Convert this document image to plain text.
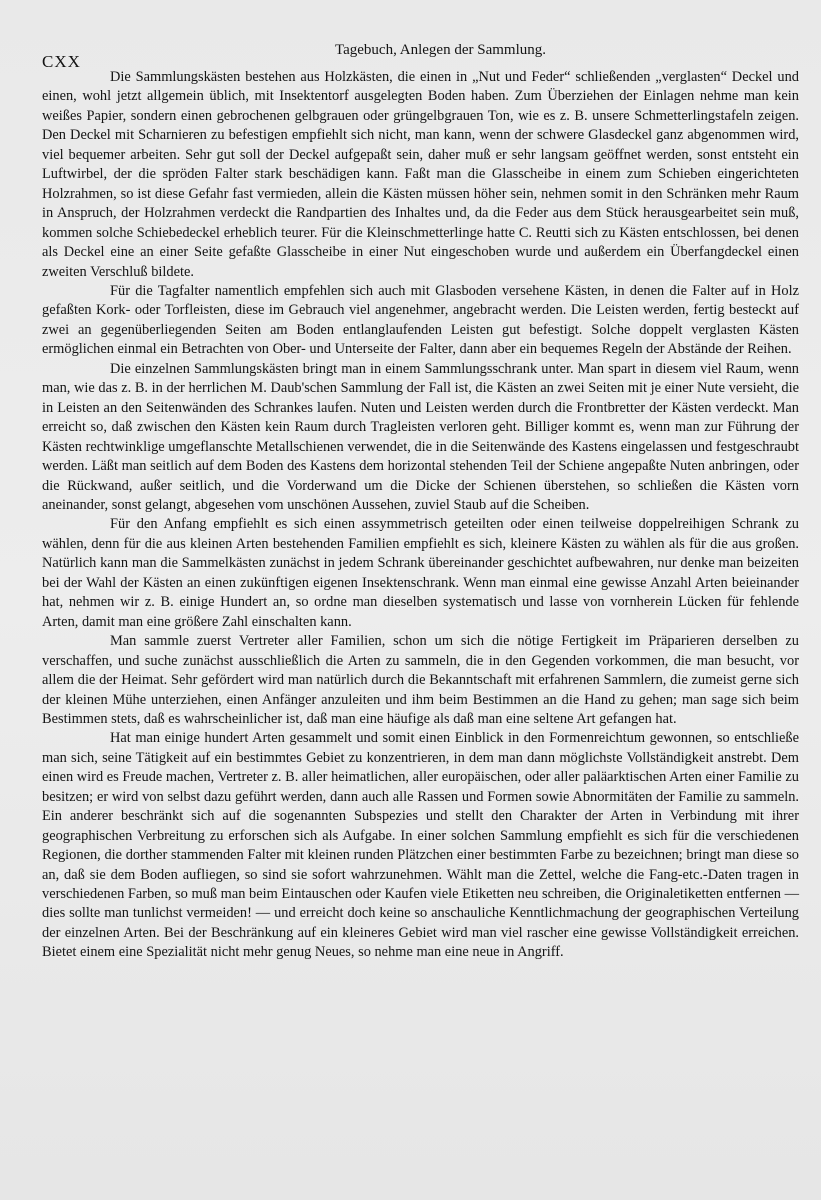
CXX
Tagebuch, Anlegen der Sammlung.

Die Sammlungskästen bestehen aus Holzkästen, die einen in „Nut und Feder“ schließenden „verglasten“ Deckel und einen, wohl jetzt allgemein üblich, mit Insektentorf ausgelegten Boden haben. Zum Überziehen der Einlagen nehme man kein weißes Papier, sondern einen gebrochenen gelbgrauen oder grüngelbgrauen Ton, wie es z. B. unsere Schmetterlingstafeln zeigen. Den Deckel mit Scharnieren zu befestigen empfiehlt sich nicht, man kann, wenn der schwere Glasdeckel ganz abgenommen wird, viel bequemer arbeiten. Sehr gut soll der Deckel aufgepaßt sein, daher muß er sehr langsam geöffnet werden, sonst entsteht ein Luftwirbel, der die spröden Falter stark beschädigen kann. Faßt man die Glasscheibe in einem zum Schieben eingerichteten Holzrahmen, so ist diese Gefahr fast vermieden, allein die Kästen müssen höher sein, nehmen somit in den Schränken mehr Raum in Anspruch, der Holzrahmen verdeckt die Randpartien des Inhaltes und, da die Feder aus dem Stück herausgearbeitet sein muß, kommen solche Schiebedeckel erheblich teurer. Für die Kleinschmetterlinge hatte C. Reutti sich zu Kästen entschlossen, bei denen als Deckel eine an einer Seite gefaßte Glasscheibe in einer Nut eingeschoben wurde und außerdem ein Überfangdeckel einen zweiten Verschluß bildete.

Für die Tagfalter namentlich empfehlen sich auch mit Glasboden versehene Kästen, in denen die Falter auf in Holz gefaßten Kork- oder Torfleisten, diese im Gebrauch viel angenehmer, angebracht werden. Die Leisten werden, fertig besteckt auf zwei an gegenüberliegenden Seiten am Boden entlanglaufenden Leisten gut befestigt. Solche doppelt verglasten Kästen ermöglichen einmal ein Betrachten von Ober- und Unterseite der Falter, dann aber ein bequemes Regeln der Abstände der Reihen.

Die einzelnen Sammlungskästen bringt man in einem Sammlungsschrank unter. Man spart in diesem viel Raum, wenn man, wie das z. B. in der herrlichen M. Daub'schen Sammlung der Fall ist, die Kästen an zwei Seiten mit je einer Nute versieht, die in Leisten an den Seitenwänden des Schrankes laufen. Nuten und Leisten werden durch die Frontbretter der Kästen verdeckt. Man erreicht so, daß zwischen den Kästen kein Raum durch Tragleisten verloren geht. Billiger kommt es, wenn man zur Führung der Kästen rechtwinklige umgeflanschte Metallschienen verwendet, die in die Seitenwände des Kastens eingelassen und festgeschraubt werden. Läßt man seitlich auf dem Boden des Kastens dem horizontal stehenden Teil der Schiene angepaßte Nuten anbringen, oder die Rückwand, außer seitlich, und die Vorderwand um die Dicke der Schienen überstehen, so schließen die Kästen vorn aneinander, sonst gelangt, abgesehen vom unschönen Aussehen, zuviel Staub auf die Scheiben.

Für den Anfang empfiehlt es sich einen assymmetrisch geteilten oder einen teilweise doppelreihigen Schrank zu wählen, denn für die aus kleinen Arten bestehenden Familien empfiehlt es sich, kleinere Kästen zu wählen als für die aus großen. Natürlich kann man die Sammelkästen zunächst in jedem Schrank übereinander geschichtet aufbewahren, nur denke man beizeiten bei der Wahl der Kästen an einen zukünftigen eigenen Insektenschrank. Wenn man einmal eine gewisse Anzahl Arten beieinander hat, nehmen wir z. B. einige Hundert an, so ordne man dieselben systematisch und lasse von vornherein Lücken für fehlende Arten, damit man eine größere Zahl einschalten kann.

Man sammle zuerst Vertreter aller Familien, schon um sich die nötige Fertigkeit im Präparieren derselben zu verschaffen, und suche zunächst ausschließlich die Arten zu sammeln, die in den Gegenden vorkommen, die man besucht, vor allem die der Heimat. Sehr gefördert wird man natürlich durch die Bekanntschaft mit erfahrenen Sammlern, die zumeist gerne sich der kleinen Mühe unterziehen, einen Anfänger anzuleiten und ihm beim Bestimmen an die Hand zu gehen; man sage sich beim Bestimmen stets, daß es wahrscheinlicher ist, daß man eine häufige als daß man eine seltene Art gefangen hat.

Hat man einige hundert Arten gesammelt und somit einen Einblick in den Formenreichtum gewonnen, so entschließe man sich, seine Tätigkeit auf ein bestimmtes Gebiet zu konzentrieren, in dem man dann möglichste Vollständigkeit anstrebt. Dem einen wird es Freude machen, Vertreter z. B. aller heimatlichen, aller europäischen, oder aller paläarktischen Arten einer Familie zu besitzen; er wird von selbst dazu geführt werden, dann auch alle Rassen und Formen sowie Abnormitäten der Familie zu sammeln. Ein anderer beschränkt sich auf die sogenannten Subspezies und stellt den Charakter der Arten in Verbindung mit ihrer geographischen Verbreitung zu erforschen sich als Aufgabe. In einer solchen Sammlung empfiehlt es sich für die verschiedenen Regionen, die dorther stammenden Falter mit kleinen runden Plätzchen einer bestimmten Farbe zu bezeichnen; bringt man diese so an, daß sie dem Boden aufliegen, so sind sie sofort wahrzunehmen. Wählt man die Zettel, welche die Fang-etc.-Daten tragen in verschiedenen Farben, so muß man beim Eintauschen oder Kaufen viele Etiketten neu schreiben, die Originaletiketten entfernen — dies sollte man tunlichst vermeiden! — und erreicht doch keine so anschauliche Kenntlichmachung der geographischen Verteilung der einzelnen Arten. Bei der Beschränkung auf ein kleineres Gebiet wird man viel rascher eine gewisse Vollständigkeit erreichen. Bietet einem eine Spezialität nicht mehr genug Neues, so nehme man eine neue in Angriff.
